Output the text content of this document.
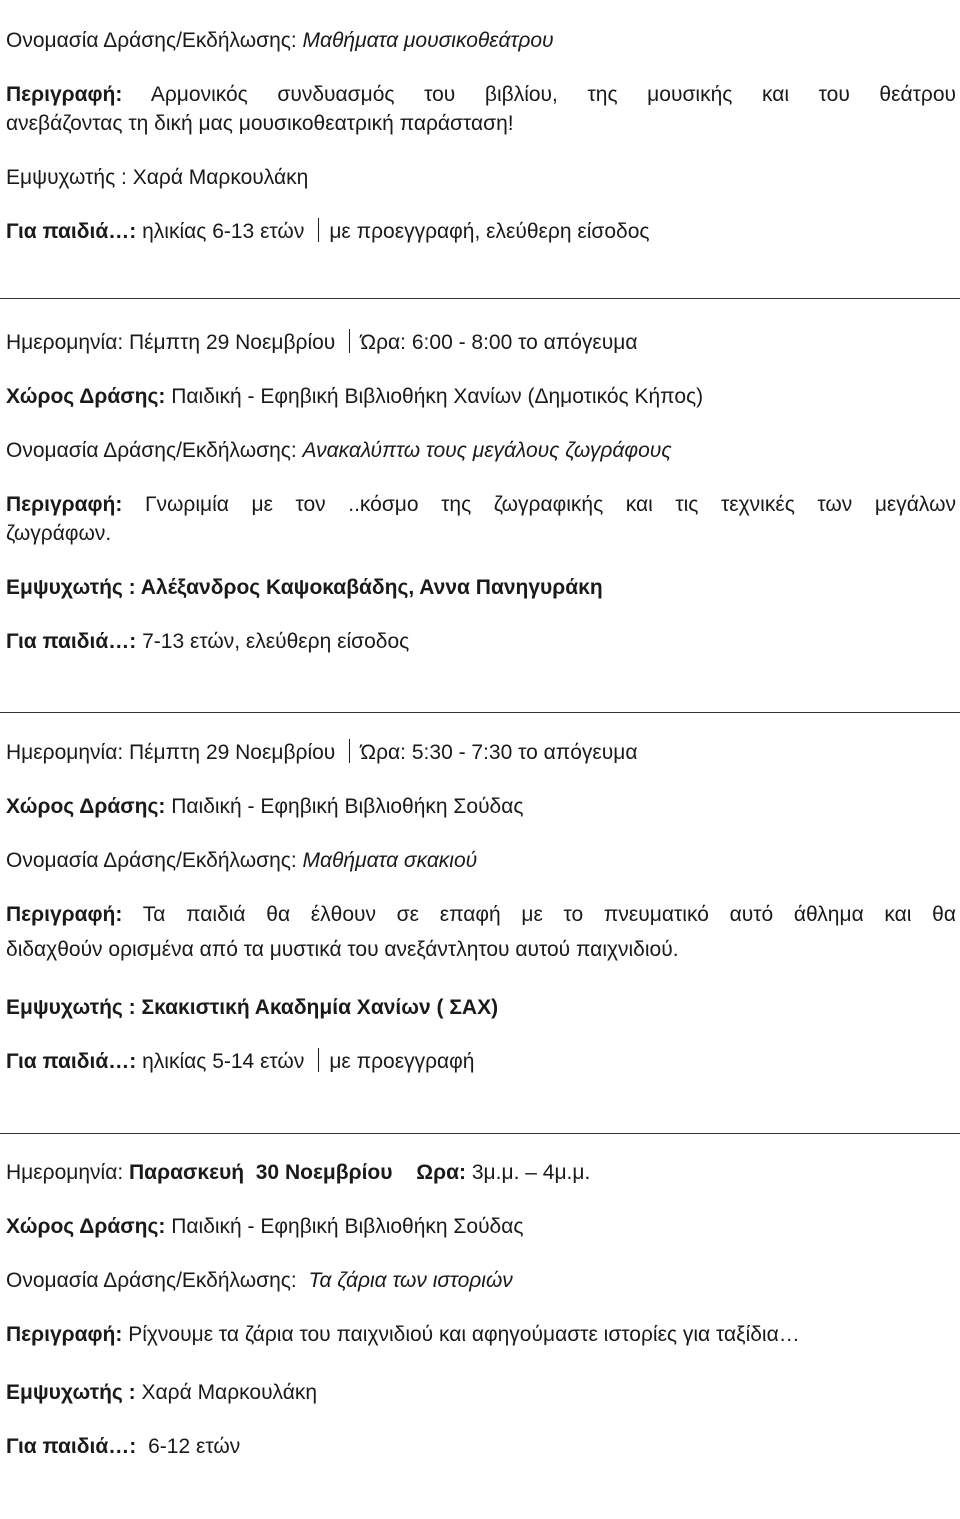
Ονομασία Δράσης/Εκδήλωσης: Μαθήματα μουσικοθεάτρου
Περιγραφή: Αρμονικός συνδυασμός του βιβλίου, της μουσικής και του θεάτρου
ανεβάζοντας τη δική μας μουσικοθεατρική παράσταση!
Εμψυχωτής : Χαρά Μαρκουλάκη
Για παιδιά…: ηλικίας 6-13 ετών με προεγγραφή, ελεύθερη είσοδος
Ημερομηνία: Πέμπτη 29 Νοεμβρίου Ώρα: 6:00 - 8:00 το απόγευμα
Χώρος Δράσης: Παιδική - Εφηβική Βιβλιοθήκη Χανίων (Δημοτικός Κήπος)
Ονομασία Δράσης/Εκδήλωσης: Ανακαλύπτω τους μεγάλους ζωγράφους
Περιγραφή: Γνωριμία με τον ..κόσμο της ζωγραφικής και τις τεχνικές των μεγάλων
ζωγράφων.
Εμψυχωτής : Αλέξανδρος Καψοκαβάδης, Αννα Πανηγυράκη
Για παιδιά…: 7-13 ετών, ελεύθερη είσοδος
Ημερομηνία: Πέμπτη 29 Νοεμβρίου Ώρα: 5:30 - 7:30 το απόγευμα
Χώρος Δράσης: Παιδική - Εφηβική Βιβλιοθήκη Σούδας
Ονομασία Δράσης/Εκδήλωσης: Μαθήματα σκακιού
Περιγραφή: Τα παιδιά θα έλθουν σε επαφή με το πνευματικό αυτό άθλημα και θα
διδαχθούν ορισμένα από τα μυστικά του ανεξάντλητου αυτού παιχνιδιού.
Εμψυχωτής : Σκακιστική Ακαδημία Χανίων ( ΣΑΧ)
Για παιδιά…: ηλικίας 5-14 ετών με προεγγραφή
Ημερομηνία: Παρασκευή  30 Νοεμβρίου Ωρα: 3μ.μ. – 4μ.μ.
Χώρος Δράσης: Παιδική - Εφηβική Βιβλιοθήκη Σούδας
Ονομασία Δράσης/Εκδήλωσης: Τα ζάρια των ιστοριών
Περιγραφή: Ρίχνουμε τα ζάρια του παιχνιδιού και αφηγούμαστε ιστορίες για ταξίδια…
Εμψυχωτής : Χαρά Μαρκουλάκη
Για παιδιά…: 6-12 ετών
